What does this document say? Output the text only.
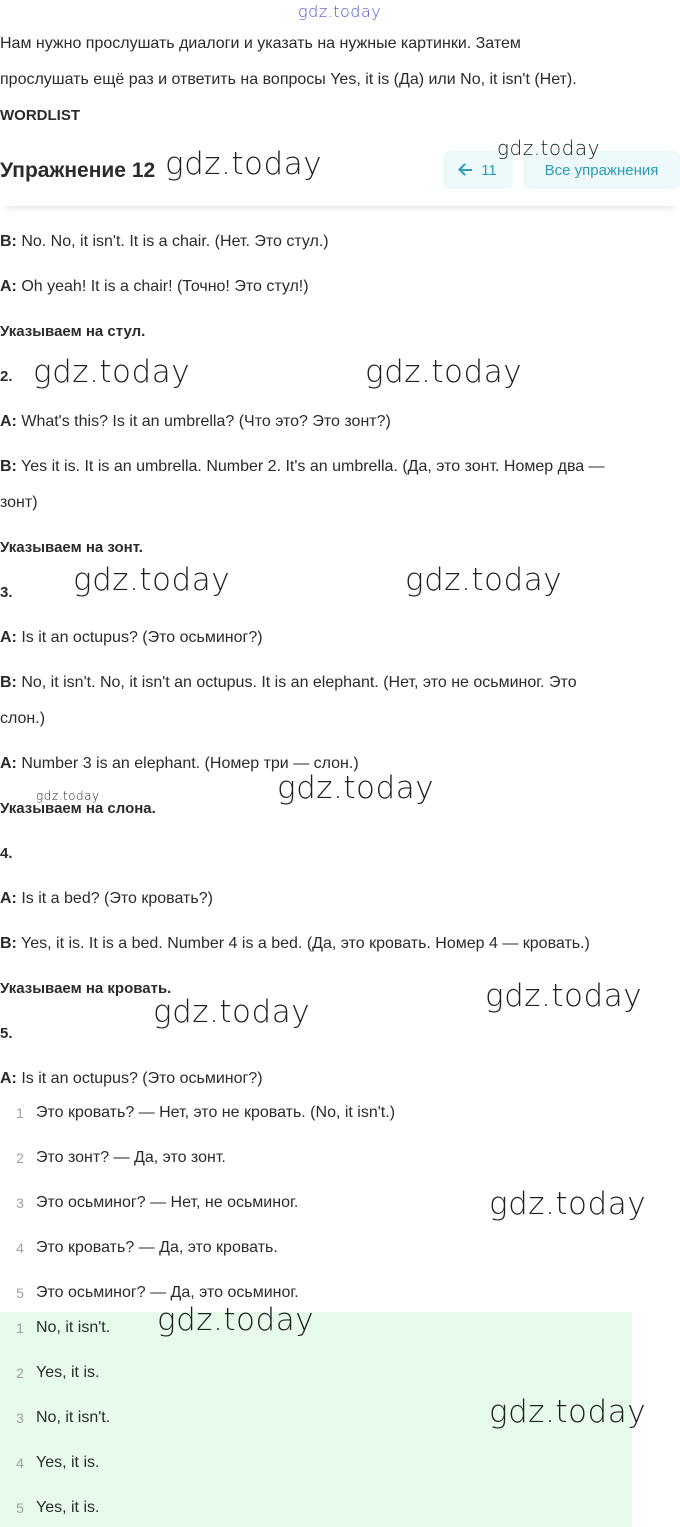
gdz.today
Нам нужно прослушать диалоги и указать на нужные картинки. Затем
прослушать ещё раз и ответить на вопросы Yes, it is (Да) или No, it isn't (Нет).
WORDLIST
Упражнение 12 gdz.today	11	Все упражнения
gdz.today
B: No. No, it isn't. It is a chair. (Нет. Это стул.)
A: Oh yeah! It is a chair! (Точно! Это стул!)
Указываем на стул.
2. gdz.today	gdz.today
A: What's this? Is it an umbrella? (Что это? Это зонт?)
B: Yes it is. It is an umbrella. Number 2. It's an umbrella. (Да, это зонт. Номер два —
зонт)
Указываем на зонт.
3. gdz.today	gdz.today
A: Is it an octupus? (Это осьминог?)
B: No, it isn't. No, it isn't an octupus. It is an elephant. (Нет, это не осьминог. Это
слон.)
A: Number 3 is an elephant. (Номер три — слон.)
gdz.today	gdz.today
Указываем на слона.
4.
A: Is it a bed? (Это кровать?)
B: Yes, it is. It is a bed. Number 4 is a bed. (Да, это кровать. Номер 4 — кровать.)
Указываем на кровать.	gdz.today
gdz.today
5.
A: Is it an octupus? (Это осьминог?)
1 Это кровать? — Нет, это не кровать. (No, it isn't.)
2 Это зонт? — Да, это зонт.
3 Это осьминог? — Нет, не осьминог.	gdz.today
4 Это кровать? — Да, это кровать.
5 Это осьминог? — Да, это осьминог.
1 No, it isn't. gdz.today
2 Yes, it is.
3 No, it isn't.	gdz.today
4 Yes, it is.
5 Yes, it is.
